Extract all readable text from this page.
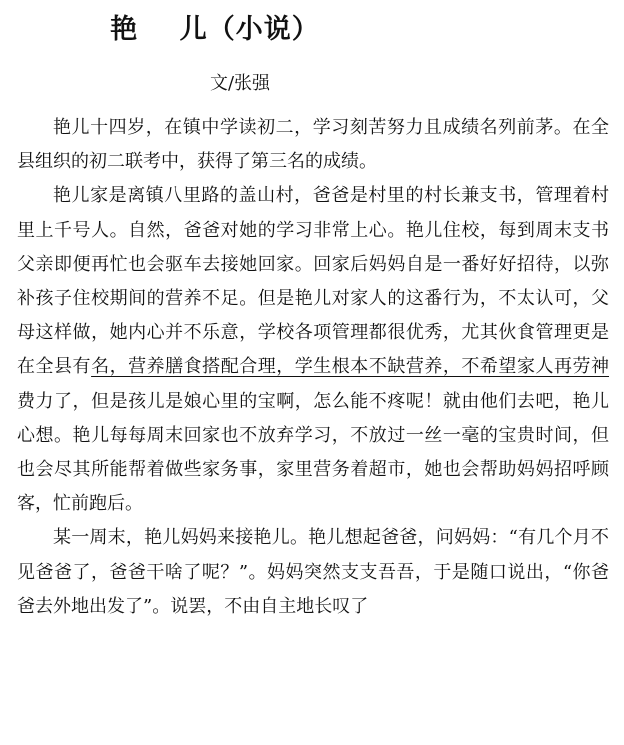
艳    儿（小说）
文/张强

艳儿十四岁，在镇中学读初二，学习刻苦努力且成绩名列前茅。在全县组织的初二联考中，获得了第三名的成绩。

艳儿家是离镇八里路的盖山村，爸爸是村里的村长兼支书，管理着村里上千号人。自然，爸爸对她的学习非常上心。艳儿住校，每到周末支书父亲即便再忙也会驱车去接她回家。回家后妈妈自是一番好好招待，以弥补孩子住校期间的营养不足。但是艳儿对家人的这番行为，不太认可，父母这样做，她内心并不乐意，学校各项管理都很优秀，尤其伙食管理更是在全县有名，营养膳食搭配合理，学生根本不缺营养，不希望家人再劳神费力了，但是孩儿是娘心里的宝啊，怎么能不疼呢！就由他们去吧，艳儿心想。艳儿每每周末回家也不放弃学习，不放过一丝一毫的宝贵时间，但也会尽其所能帮着做些家务事，家里营务着超市，她也会帮助妈妈招呼顾客，忙前跑后。

某一周末，艳儿妈妈来接艳儿。艳儿想起爸爸，问妈妈：“有几个月不见爸爸了，爸爸干啥了呢？”。妈妈突然支支吾吾，于是随口说出，“你爸爸去外地出发了”。说罢，不由自主地长叹了
